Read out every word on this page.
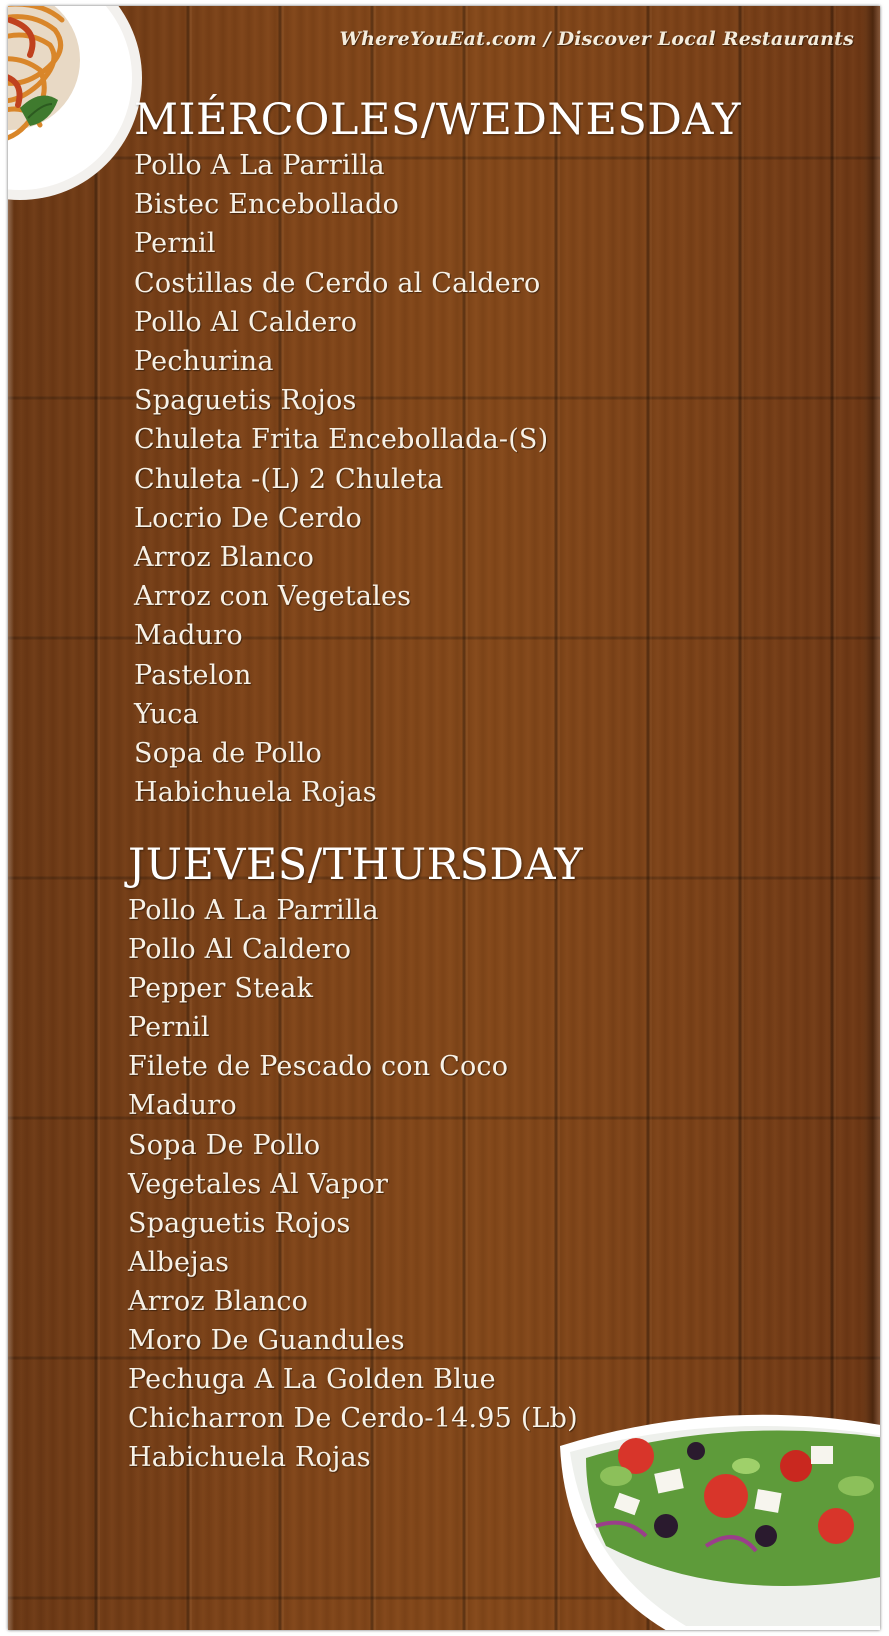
WhereYouEat.com / Discover Local Restaurants
MIÉRCOLES/WEDNESDAY
Pollo A La Parrilla
Bistec Encebollado
Pernil
Costillas de Cerdo al Caldero
Pollo Al Caldero
Pechurina
Spaguetis Rojos
Chuleta Frita Encebollada-(S)
Chuleta -(L) 2 Chuleta
Locrio De Cerdo
Arroz Blanco
Arroz con Vegetales
Maduro
Pastelon
Yuca
Sopa de Pollo
Habichuela Rojas
JUEVES/THURSDAY
Pollo A La Parrilla
Pollo Al Caldero
Pepper Steak
Pernil
Filete de Pescado con Coco
Maduro
Sopa De Pollo
Vegetales Al Vapor
Spaguetis Rojos
Albejas
Arroz Blanco
Moro De Guandules
Pechuga A La Golden Blue
Chicharron De Cerdo-14.95 (Lb)
Habichuela Rojas
